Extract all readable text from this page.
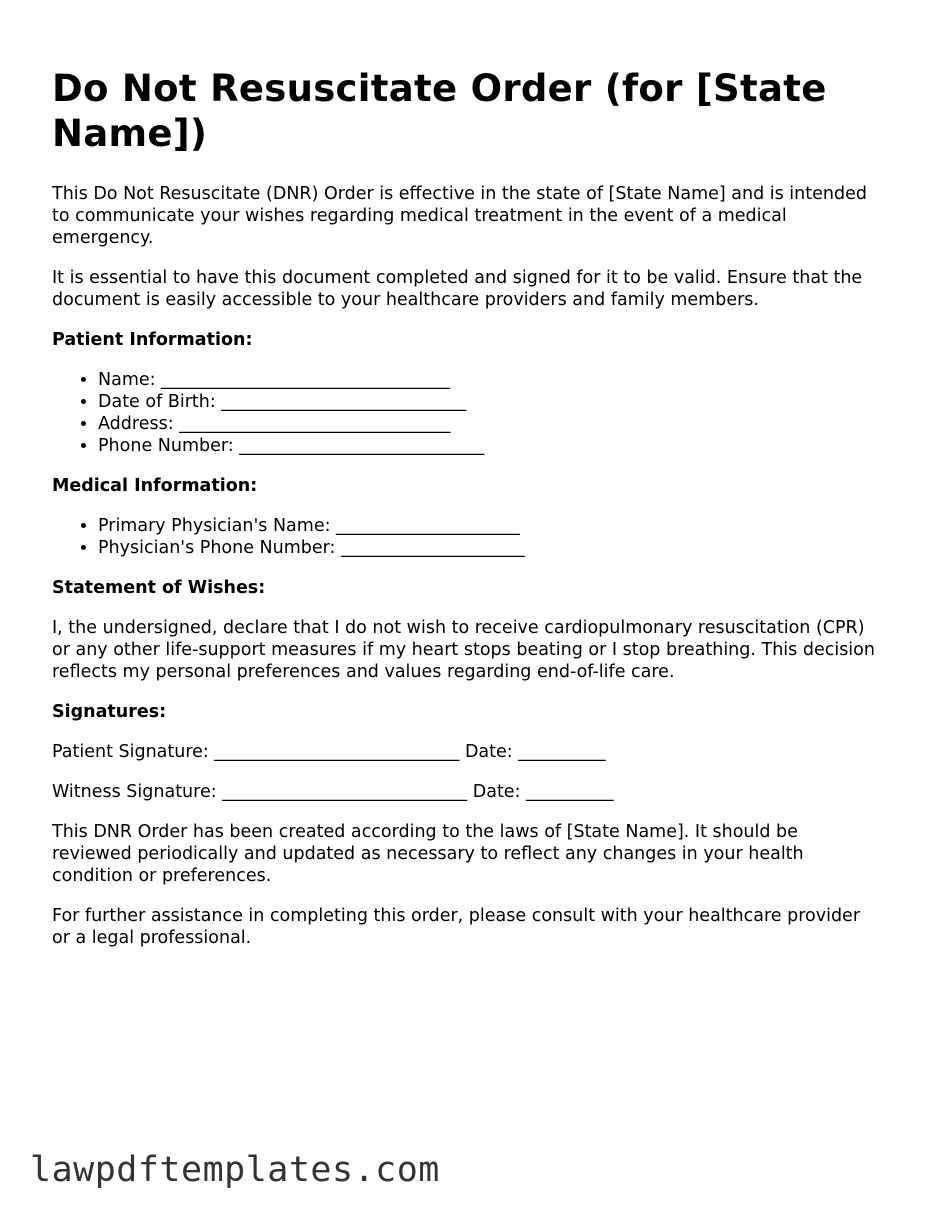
Do Not Resuscitate Order (for [State Name])

This Do Not Resuscitate (DNR) Order is effective in the state of [State Name] and is intended to communicate your wishes regarding medical treatment in the event of a medical emergency.

It is essential to have this document completed and signed for it to be valid. Ensure that the document is easily accessible to your healthcare providers and family members.

Patient Information:

• Name: _________________________________
• Date of Birth: ____________________________
• Address: _______________________________
• Phone Number: ____________________________

Medical Information:

• Primary Physician's Name: _____________________
• Physician's Phone Number: _____________________

Statement of Wishes:

I, the undersigned, declare that I do not wish to receive cardiopulmonary resuscitation (CPR) or any other life-support measures if my heart stops beating or I stop breathing. This decision reflects my personal preferences and values regarding end-of-life care.

Signatures:

Patient Signature: ____________________________ Date: __________

Witness Signature: ____________________________ Date: __________

This DNR Order has been created according to the laws of [State Name]. It should be reviewed periodically and updated as necessary to reflect any changes in your health condition or preferences.

For further assistance in completing this order, please consult with your healthcare provider or a legal professional.

lawpdftemplates.com
